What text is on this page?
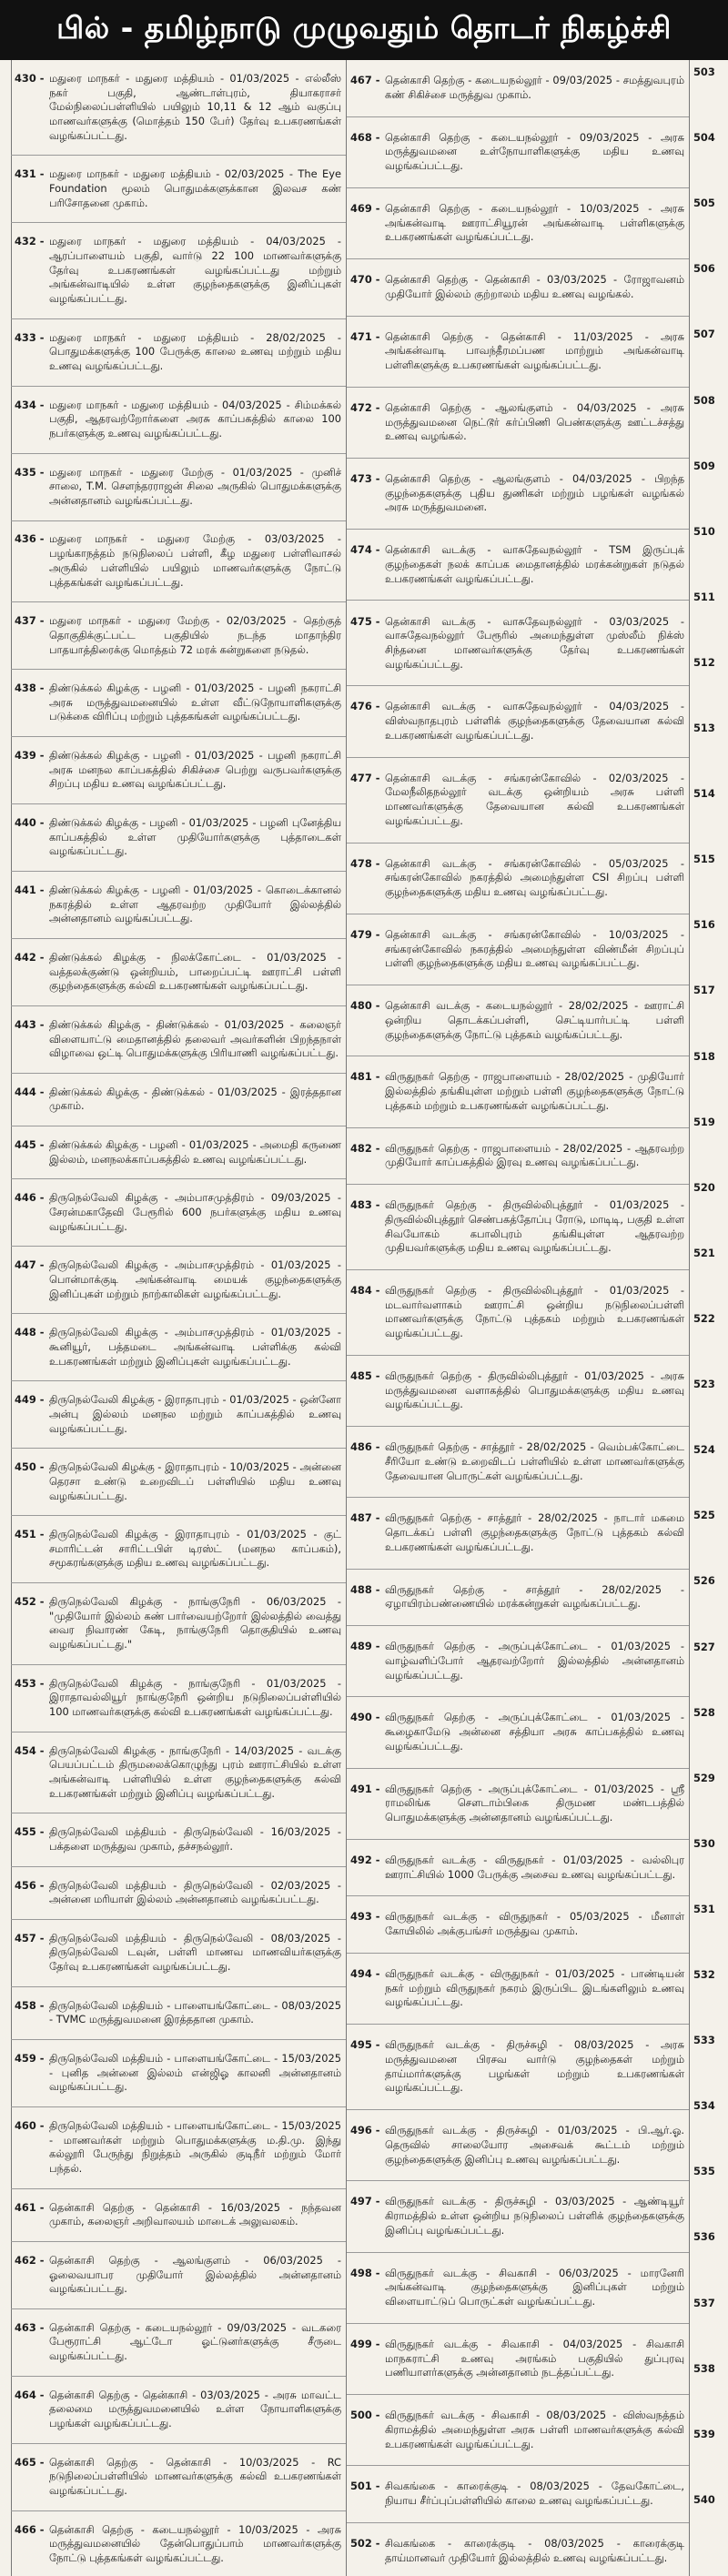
பில் - தமிழ்நாடு முழுவதும் தொடர் நிகழ்ச்சி
430 - மதுரை மாநகர் - மதுரை மத்தியம் - 01/03/2025 - எல்லீஸ் நகர் பகுதி, ஆண்டாள்புரம், தியாகராசர் மேல்நிலைப்பள்ளியில் பயிலும் 10,11 & 12 ஆம் வகுப்பு மாணவர்களுக்கு (மொத்தம் 150 பேர்) தேர்வு உபகரணங்கள் வழங்கப்பட்டது.
431 - மதுரை மாநகர் - மதுரை மத்தியம் - 02/03/2025 - The Eye Foundation மூலம் பொதுமக்களுக்கான இலவச கண் பரிசோதனை முகாம்.
432 - மதுரை மாநகர் - மதுரை மத்தியம் - 04/03/2025 - ஆரப்பாளையம் பகுதி, வார்டு 22 100 மாணவர்களுக்கு தேர்வு உபகரணங்கள் வழங்கப்பட்டது மற்றும் அங்கன்வாடியில் உள்ள குழந்தைகளுக்கு இனிப்புகள் வழங்கப்பட்டது.
433 - மதுரை மாநகர் - மதுரை மத்தியம் - 28/02/2025 - பொதுமக்களுக்கு 100 பேருக்கு காலை உணவு மற்றும் மதிய உணவு வழங்கப்பட்டது.
434 - மதுரை மாநகர் - மதுரை மத்தியம் - 04/03/2025 - சிம்மக்கல் பகுதி, ஆதரவற்றோர்களை அரசு காப்பகத்தில் காலை 100 நபர்களுக்கு உணவு வழங்கப்பட்டது.
435 - மதுரை மாநகர் - மதுரை மேற்கு - 01/03/2025 - முனிச் சாலை, T.M. சௌந்தரராஜன் சிலை அருகில் பொதுமக்களுக்கு அன்னதானம் வழங்கப்பட்டது.
436 - மதுரை மாநகர் - மதுரை மேற்கு - 03/03/2025 - பழங்காநத்தம் நடுநிலைப் பள்ளி, கீழ மதுரை பள்ளிவாசல் அருகில் பள்ளியில் பயிலும் மாணவர்களுக்கு நோட்டு புத்தகங்கள் வழங்கப்பட்டது.
437 - மதுரை மாநகர் - மதுரை மேற்கு - 02/03/2025 - தெற்குத் தொகுதிக்குட்பட்ட பகுதியில் நடந்த மாதாந்திர பாதயாத்திரைக்கு மொத்தம் 72 மரக் கன்றுகளை நடுதல்.
438 - திண்டுக்கல் கிழக்கு - பழனி - 01/03/2025 - பழனி நகராட்சி அரசு மருத்துவமனையில் உள்ள வீட்டுநோயாளிகளுக்கு படுக்கை விரிப்பு மற்றும் புத்தகங்கள் வழங்கப்பட்டது.
439 - திண்டுக்கல் கிழக்கு - பழனி - 01/03/2025 - பழனி நகராட்சி அரசு மனநல காப்பகத்தில் சிகிச்சை பெற்று வருபவர்களுக்கு சிறப்பு மதிய உணவு வழங்கப்பட்டது.
440 - திண்டுக்கல் கிழக்கு - பழனி - 01/03/2025 - பழனி புனேத்திய காப்பகத்தில் உள்ள முதியோர்களுக்கு புத்தாடைகள் வழங்கப்பட்டது.
441 - திண்டுக்கல் கிழக்கு - பழனி - 01/03/2025 - கொடைக்கானல் நகரத்தில் உள்ள ஆதரவற்ற முதியோர் இல்லத்தில் அன்னதானம் வழங்கப்பட்டது.
442 - திண்டுக்கல் கிழக்கு - நிலக்கோட்டை - 01/03/2025 - வத்தலக்குண்டு ஒன்றியம், பாறைப்பட்டி ஊராட்சி பள்ளி குழந்தைகளுக்கு கல்வி உபகரணங்கள் வழங்கப்பட்டது.
443 - திண்டுக்கல் கிழக்கு - திண்டுக்கல் - 01/03/2025 - கலைஞர் விளையாட்டு மைதானத்தில் தலைவர் அவர்களின் பிறந்தநாள் விழாவை ஒட்டி பொதுமக்களுக்கு பிரியாணி வழங்கப்பட்டது.
444 - திண்டுக்கல் கிழக்கு - திண்டுக்கல் - 01/03/2025 - இரத்ததான முகாம்.
445 - திண்டுக்கல் கிழக்கு - பழனி - 01/03/2025 - அமைதி கருணை இல்லம், மனநலக்காப்பகத்தில் உணவு வழங்கப்பட்டது.
446 - திருநெல்வேலி கிழக்கு - அம்பாசமுத்திரம் - 09/03/2025 - சேரன்மகாதேவி பேரூரில் 600 நபர்களுக்கு மதிய உணவு வழங்கப்பட்டது.
447 - திருநெல்வேலி கிழக்கு - அம்பாசமுத்திரம் - 01/03/2025 - பொன்மாக்குடி அங்கன்வாடி மையக் குழந்தைகளுக்கு இனிப்புகள் மற்றும் நாற்காலிகள் வழங்கப்பட்டது.
448 - திருநெல்வேலி கிழக்கு - அம்பாசமுத்திரம் - 01/03/2025 - கூனியூர், பத்தமடை அங்கன்வாடி பள்ளிக்கு கல்வி உபகரணங்கள் மற்றும் இனிப்புகள் வழங்கப்பட்டது.
449 - திருநெல்வேலி கிழக்கு - இராதாபுரம் - 01/03/2025 - ஒன்னோ அன்பு இல்லம் மனநல மற்றும் காப்பகத்தில் உணவு வழங்கப்பட்டது.
450 - திருநெல்வேலி கிழக்கு - இராதாபுரம் - 10/03/2025 - அன்னை தெரசா உண்டு உறைவிடப் பள்ளியில் மதிய உணவு வழங்கப்பட்டது.
451 - திருநெல்வேலி கிழக்கு - இராதாபுரம் - 01/03/2025 - குட் சமாரிட்டன் சாரிட்டபிள் டிரஸ்ட் (மனநல காப்பகம்), சமூகரங்களுக்கு மதிய உணவு வழங்கப்பட்டது.
452 - திருநெல்வேலி கிழக்கு - நாங்குநேரி - 06/03/2025 - "முதியோர் இல்லம் கண் பார்வையற்றோர் இல்லத்தில் வைத்து வைர நிவாரண் கேடி, நாங்குநேரி தொகுதியில் உணவு வழங்கப்பட்டது."
453 - திருநெல்வேலி கிழக்கு - நாங்குநேரி - 01/03/2025 - இராதாவல்லியூர் நாங்குநேரி ஒன்றிய நடுநிலைப்பள்ளியில் 100 மாணவர்களுக்கு கல்வி உபகரணங்கள் வழங்கப்பட்டது.
454 - திருநெல்வேலி கிழக்கு - நாங்குநேரி - 14/03/2025 - வடக்கு பெயப்பட்டம் திருமலைக்கொழுந்து புரம் ஊராட்சியில் உள்ள அங்கன்வாடி பள்ளியில் உள்ள குழந்தைகளுக்கு கல்வி உபகரணங்கள் மற்றும் இனிப்பு வழங்கப்பட்டது.
455 - திருநெல்வேலி மத்தியம் - திருநெல்வேலி - 16/03/2025 - பக்தளை மருத்துவ முகாம், தச்சநல்லூர்.
456 - திருநெல்வேலி மத்தியம் - திருநெல்வேலி - 02/03/2025 - அன்னை மரியாள் இல்லம் அன்னதானம் வழங்கப்பட்டது.
457 - திருநெல்வேலி மத்தியம் - திருநெல்வேலி - 08/03/2025 - திருநெல்வேலி டவுன், பள்ளி மாணவ மாணவியர்களுக்கு தேர்வு உபகரணங்கள் வழங்கப்பட்டது.
458 - திருநெல்வேலி மத்தியம் - பாளையங்கோட்டை - 08/03/2025 - TVMC மருத்துவமனை இரத்ததான முகாம்.
459 - திருநெல்வேலி மத்தியம் - பாளையங்கோட்டை - 15/03/2025 - புனித அன்னை இல்லம் என்ஜிஓ காலனி அன்னதானம் வழங்கப்பட்டது.
460 - திருநெல்வேலி மத்தியம் - பாளையங்கோட்டை - 15/03/2025 - மாணவர்கள் மற்றும் பொதுமக்களுக்கு ம.தி.மு. இந்து கல்லூரி பேருந்து நிறுத்தம் அருகில் குடிநீர் மற்றும் மோர் பந்தல்.
461 - தென்காசி தெற்கு - தென்காசி - 16/03/2025 - நந்தவன முகாம், கலைஞர் அறிவாலயம் மாடைக் அலுவலகம்.
462 - தென்காசி தெற்கு - ஆலங்குளம் - 06/03/2025 - ஓலைவயாபர முதியோர் இல்லத்தில் அன்னதானம் வழங்கப்பட்டது.
463 - தென்காசி தெற்கு - கடையநல்லூர் - 09/03/2025 - வடகரை பேரூராட்சி ஆட்டோ ஓட்டுனர்களுக்கு சீருடை வழங்கப்பட்டது.
464 - தென்காசி தெற்கு - தென்காசி - 03/03/2025 - அரசு மாவட்ட தலைமை மருத்துவமனையில் உள்ள நோயாளிகளுக்கு பழங்கள் வழங்கப்பட்டது.
465 - தென்காசி தெற்கு - தென்காசி - 10/03/2025 - RC நடுநிலைப்பள்ளியில் மாணவர்களுக்கு கல்வி உபகரணங்கள் வழங்கப்பட்டது.
466 - தென்காசி தெற்கு - கடையநல்லூர் - 10/03/2025 - அரசு மருத்துவமனையில் தேன்பொதுப்பாம் மாணவர்களுக்கு நோட்டு புத்தகங்கள் வழங்கப்பட்டது.
467 - தென்காசி தெற்கு - கடையநல்லூர் - 09/03/2025 - சமத்துவபுரம் கண் சிகிச்சை மருத்துவ முகாம்.
468 - தென்காசி தெற்கு - கடையநல்லூர் - 09/03/2025 - அரசு மருத்துவமனை உள்நோயாளிகளுக்கு மதிய உணவு வழங்கப்பட்டது.
469 - தென்காசி தெற்கு - கடையநல்லூர் - 10/03/2025 - அரசு அங்கன்வாடி ஊராட்சியூரன் அங்கன்வாடி பள்ளிகளுக்கு உபகரணங்கள் வழங்கப்பட்டது.
470 - தென்காசி தெற்கு - தென்காசி - 03/03/2025 - ரோஜாவனம் முதியோர் இல்லம் குற்றாலம் மதிய உணவு வழங்கல்.
471 - தென்காசி தெற்கு - தென்காசி - 11/03/2025 - அரசு அங்கன்வாடி பாவந்தீரமப்பண மாற்றும் அங்கன்வாடி பள்ளிகளுக்கு உபகரணங்கள் வழங்கப்பட்டது.
472 - தென்காசி தெற்கு - ஆலங்குளம் - 04/03/2025 - அரசு மருத்துவமனை நெட்டூர் கர்ப்பிணி பெண்களுக்கு ஊட்டச்சத்து உணவு வழங்கல்.
473 - தென்காசி தெற்கு - ஆலங்குளம் - 04/03/2025 - பிறந்த குழந்தைகளுக்கு புதிய துணிகள் மற்றும் பழங்கள் வழங்கல் அரசு மருத்துவமனை.
474 - தென்காசி வடக்கு - வாசுதேவநல்லூர் - TSM இருப்புக் குழந்தைகள் நலக் காப்பக மைதானத்தில் மரக்கன்றுகள் நடுதல் உபகரணங்கள் வழங்கப்பட்டது.
475 - தென்காசி வடக்கு - வாசுதேவநல்லூர் - 03/03/2025 - வாசுதேவநல்லூர் பேரூரில் அமைந்துள்ள முஸ்லீம் நிக்ஸ் சிந்தனை மாணவர்களுக்கு தேர்வு உபகரணங்கள் வழங்கப்பட்டது.
476 - தென்காசி வடக்கு - வாசுதேவநல்லூர் - 04/03/2025 - விஸ்வநாதபுரம் பள்ளிக் குழந்தைகளுக்கு தேவையான கல்வி உபகரணங்கள் வழங்கப்பட்டது.
477 - தென்காசி வடக்கு - சங்கரன்கோவில் - 02/03/2025 - மேலநீலிதநல்லூர் வடக்கு ஒன்றியம் அரசு பள்ளி மாணவர்களுக்கு தேவையான கல்வி உபகரணங்கள் வழங்கப்பட்டது.
478 - தென்காசி வடக்கு - சங்கரன்கோவில் - 05/03/2025 - சங்கரன்கோவில் நகரத்தில் அமைந்துள்ள CSI சிறப்பு பள்ளி குழந்தைகளுக்கு மதிய உணவு வழங்கப்பட்டது.
479 - தென்காசி வடக்கு - சங்கரன்கோவில் - 10/03/2025 - சங்கரன்கோவில் நகரத்தில் அமைந்துள்ள விண்மீன் சிறப்புப் பள்ளி குழந்தைகளுக்கு மதிய உணவு வழங்கப்பட்டது.
480 - தென்காசி வடக்கு - கடையநல்லூர் - 28/02/2025 - ஊராட்சி ஒன்றிய தொடக்கப்பள்ளி, செட்டியார்பட்டி பள்ளி குழந்தைகளுக்கு நோட்டு புத்தகம் வழங்கப்பட்டது.
481 - விருதுநகர் தெற்கு - ராஜபாளையம் - 28/02/2025 - முதியோர் இல்லத்தில் தங்கியுள்ள மற்றும் பள்ளி குழந்தைகளுக்கு நோட்டு புத்தகம் மற்றும் உபகரணங்கள் வழங்கப்பட்டது.
482 - விருதுநகர் தெற்கு - ராஜபாளையம் - 28/02/2025 - ஆதரவற்ற முதியோர் காப்பகத்தில் இரவு உணவு வழங்கப்பட்டது.
483 - விருதுநகர் தெற்கு - திருவில்லிபுத்தூர் - 01/03/2025 - திருவில்லிபுத்தூர் செண்பகத்தோப்பு ரோடு, மாடிடி, பகுதி உள்ள சிவயோகம் கபாலிபுரம் தங்கியுள்ள ஆதரவற்ற முதியவர்களுக்கு மதிய உணவு வழங்கப்பட்டது.
484 - விருதுநகர் தெற்கு - திருவில்லிபுத்தூர் - 01/03/2025 - மடவார்வளாகம் ஊராட்சி ஒன்றிய நடுநிலைப்பள்ளி மாணவர்களுக்கு நோட்டு புத்தகம் மற்றும் உபகரணங்கள் வழங்கப்பட்டது.
485 - விருதுநகர் தெற்கு - திருவில்லிபுத்தூர் - 01/03/2025 - அரசு மருத்துவமனை வளாகத்தில் பொதுமக்களுக்கு மதிய உணவு வழங்கப்பட்டது.
486 - விருதுநகர் தெற்கு - சாத்தூர் - 28/02/2025 - வெம்பக்கோட்டை சீரியோ உண்டு உறைவிடப் பள்ளியில் உள்ள மாணவர்களுக்கு தேவையான பொருட்கள் வழங்கப்பட்டது.
487 - விருதுநகர் தெற்கு - சாத்தூர் - 28/02/2025 - நாடார் மகமை தொடக்கப் பள்ளி குழந்தைகளுக்கு நோட்டு புத்தகம் கல்வி உபகரணங்கள் வழங்கப்பட்டது.
488 - விருதுநகர் தெற்கு - சாத்தூர் - 28/02/2025 - ஏழாயிரம்பண்ணையில் மரக்கன்றுகள் வழங்கப்பட்டது.
489 - விருதுநகர் தெற்கு - அருப்புக்கோட்டை - 01/03/2025 - வாழ்வளிப்போர் ஆதரவற்றோர் இல்லத்தில் அன்னதானம் வழங்கப்பட்டது.
490 - விருதுநகர் தெற்கு - அருப்புக்கோட்டை - 01/03/2025 - கூழைகாமேடு அன்னை சத்தியா அரசு காப்பகத்தில் உணவு வழங்கப்பட்டது.
491 - விருதுநகர் தெற்கு - அருப்புக்கோட்டை - 01/03/2025 - ஸ்ரீ ராமலிங்க சௌடாம்பிகை திருமண மண்டபத்தில் பொதுமக்களுக்கு அன்னதானம் வழங்கப்பட்டது.
492 - விருதுநகர் வடக்கு - விருதுநகர் - 01/03/2025 - வல்லிபுர ஊராட்சியில் 1000 பேருக்கு அசைவ உணவு வழங்கப்பட்டது.
493 - விருதுநகர் வடக்கு - விருதுநகர் - 05/03/2025 - மீனாள் கோயிலில் அக்குபங்சர் மருத்துவ முகாம்.
494 - விருதுநகர் வடக்கு - விருதுநகர் - 01/03/2025 - பாண்டியன் நகர் மற்றும் விருதுநகர் நகரம் இருப்பிட இடங்களிலும் உணவு வழங்கப்பட்டது.
495 - விருதுநகர் வடக்கு - திருச்சுழி - 08/03/2025 - அரசு மருத்துவமனை பிரசவ வார்டு குழந்தைகள் மற்றும் தாய்மார்களுக்கு பழங்கள் மற்றும் உபகரணங்கள் வழங்கப்பட்டது.
496 - விருதுநகர் வடக்கு - திருச்சுழி - 01/03/2025 - பி.ஆர்.ஓ. தெருவில் சாலையோர அசைவக் கூட்டம் மற்றும் குழந்தைகளுக்கு இனிப்பு உணவு வழங்கப்பட்டது.
497 - விருதுநகர் வடக்கு - திருச்சுழி - 03/03/2025 - ஆண்டியூர் கிராமத்தில் உள்ள ஒன்றிய நடுநிலைப் பள்ளிக் குழந்தைகளுக்கு இனிப்பு வழங்கப்பட்டது.
498 - விருதுநகர் வடக்கு - சிவகாசி - 06/03/2025 - மாரனேரி அங்கன்வாடி குழந்தைகளுக்கு இனிப்புகள் மற்றும் விளையாட்டுப் பொருட்கள் வழங்கப்பட்டது.
499 - விருதுநகர் வடக்கு - சிவகாசி - 04/03/2025 - சிவகாசி மாநகராட்சி உணவு அரங்கம் பகுதியில் துப்புரவு பணியாளர்களுக்கு அன்னதானம் நடத்தப்பட்டது.
500 - விருதுநகர் வடக்கு - சிவகாசி - 08/03/2025 - விஸ்வநத்தம் கிராமத்தில் அமைந்துள்ள அரசு பள்ளி மாணவர்களுக்கு கல்வி உபகரணங்கள் வழங்கப்பட்டது.
501 - சிவகங்கை - காரைக்குடி - 08/03/2025 - தேவகோட்டை, நியாய சீர்ப்புப்பள்ளியில் காலை உணவு வழங்கப்பட்டது.
502 - சிவகங்கை - காரைக்குடி - 08/03/2025 - காரைக்குடி தாய்மானவர் முதியோர் இல்லத்தில் உணவு வழங்கப்பட்டது.
503
504
505
506
507
508
509
510
511
512
513
514
515
516
517
518
519
520
521
522
523
524
525
526
527
528
529
530
531
532
533
534
535
536
537
538
539
540
